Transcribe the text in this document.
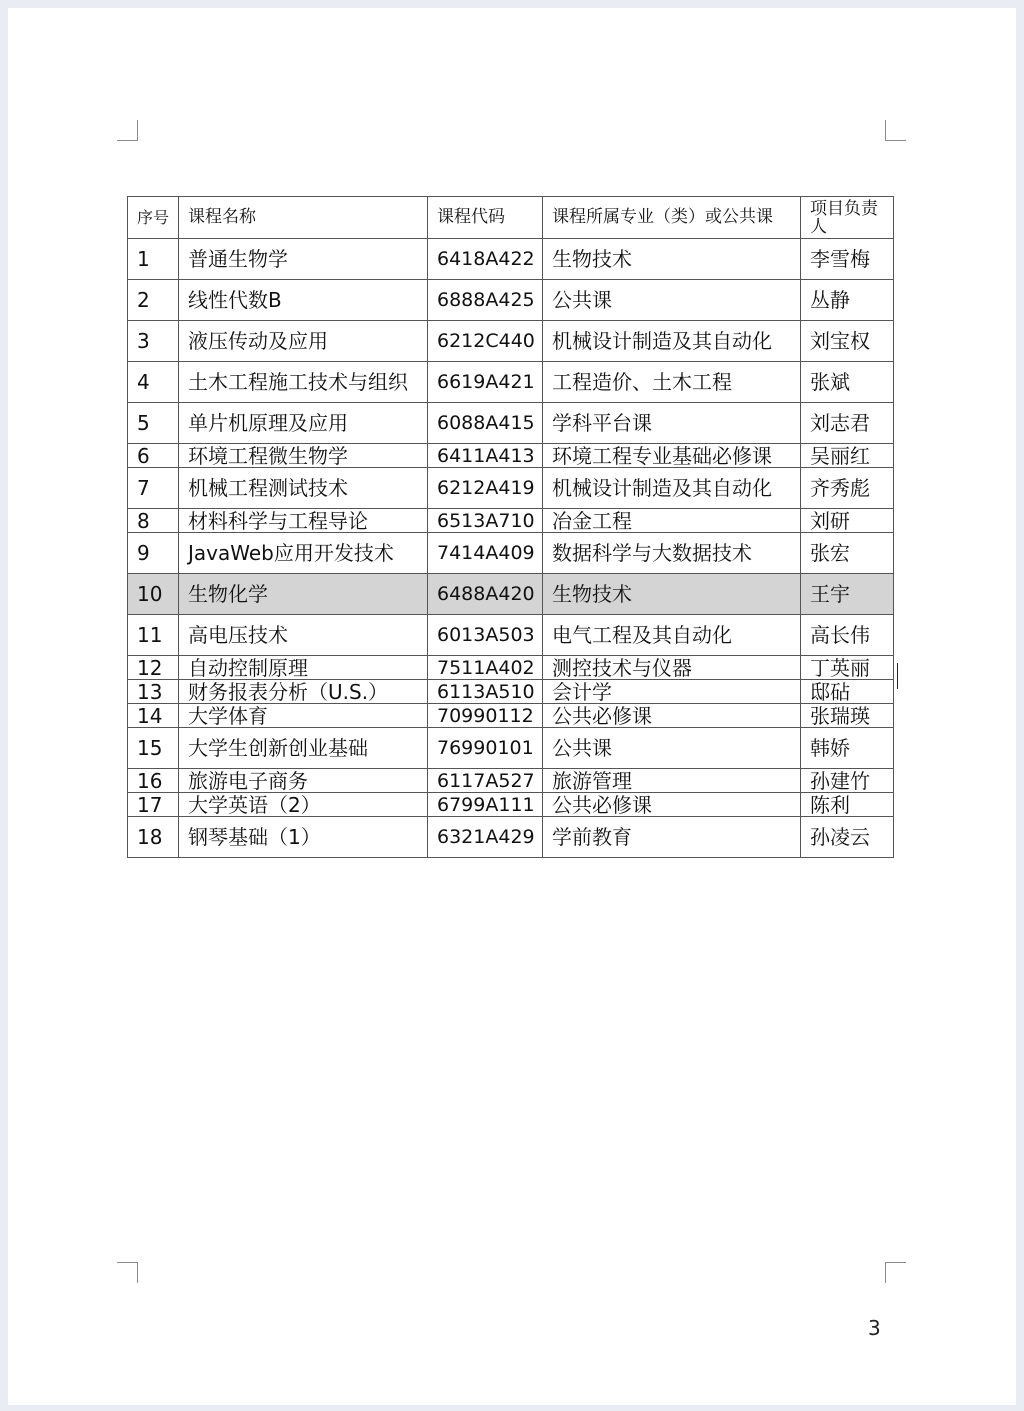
序号	课程名称	课程代码	课程所属专业（类）或公共课	项目负责人
1	普通生物学	6418A422	生物技术	李雪梅
2	线性代数B	6888A425	公共课	丛静
3	液压传动及应用	6212C440	机械设计制造及其自动化	刘宝权
4	土木工程施工技术与组织	6619A421	工程造价、土木工程	张斌
5	单片机原理及应用	6088A415	学科平台课	刘志君
6	环境工程微生物学	6411A413	环境工程专业基础必修课	吴丽红
7	机械工程测试技术	6212A419	机械设计制造及其自动化	齐秀彪
8	材料科学与工程导论	6513A710	冶金工程	刘研
9	JavaWeb应用开发技术	7414A409	数据科学与大数据技术	张宏
10	生物化学	6488A420	生物技术	王宇
11	高电压技术	6013A503	电气工程及其自动化	高长伟
12	自动控制原理	7511A402	测控技术与仪器	丁英丽
13	财务报表分析（U.S.）	6113A510	会计学	邸砧
14	大学体育	70990112	公共必修课	张瑞瑛
15	大学生创新创业基础	76990101	公共课	韩娇
16	旅游电子商务	6117A527	旅游管理	孙建竹
17	大学英语（2）	6799A111	公共必修课	陈利
18	钢琴基础（1）	6321A429	学前教育	孙凌云
3
